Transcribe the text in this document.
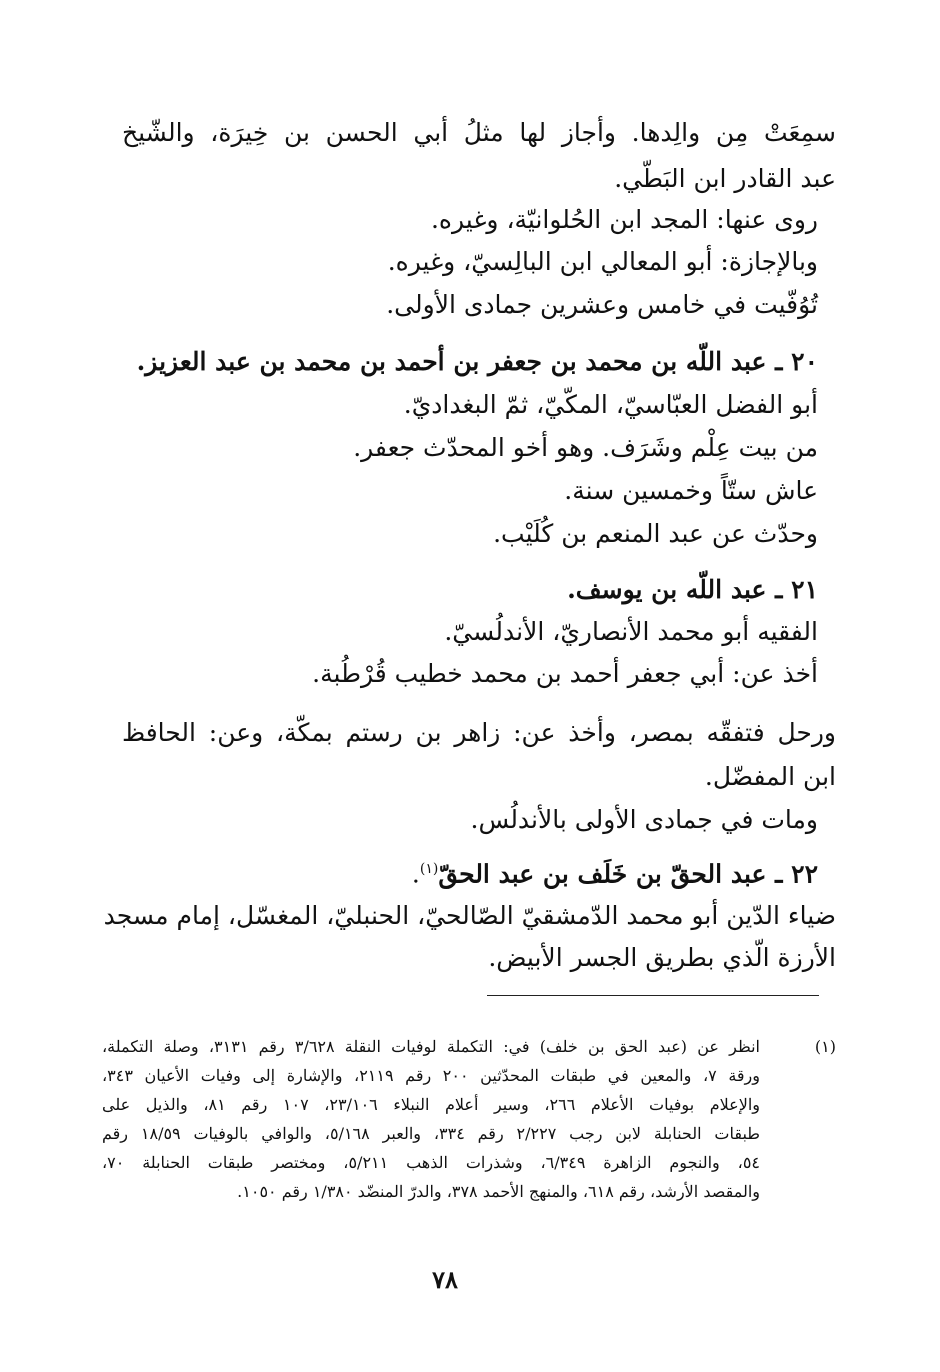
سمِعَتْ مِن والِدها. وأجاز لها مثلُ أبي الحسن بن خِيرَة، والشّيخ
عبد القادر ابن البَطّي.
روى عنها: المجد ابن الحُلوانيّة، وغيره.
وبالإجازة: أبو المعالي ابن البالِسيّ، وغيره.
تُوُفّيت في خامس وعشرين جمادى الأولى.
٢٠ ـ عبد اللّه بن محمد بن جعفر بن أحمد بن محمد بن عبد العزيز.
أبو الفضل العبّاسيّ، المكّيّ، ثمّ البغداديّ.
من بيت عِلْم وشَرَف. وهو أخو المحدّث جعفر.
عاش ستّاً وخمسين سنة.
وحدّث عن عبد المنعم بن كُلَيْب.
٢١ ـ عبد اللّه بن يوسف.
الفقيه أبو محمد الأنصاريّ، الأندلُسيّ.
أخذ عن: أبي جعفر أحمد بن محمد خطيب قُرْطُبة.
ورحل فتفقّه بمصر، وأخذ عن: زاهر بن رستم بمكّة، وعن: الحافظ
ابن المفضّل.
ومات في جمادى الأولى بالأندلُس.
٢٢ ـ عبد الحقّ بن خَلَف بن عبد الحقّ$^{(١)}$.
ضياء الدّين أبو محمد الدّمشقيّ الصّالحيّ، الحنبليّ، المغسّل، إمام مسجد
الأرزة الّذي بطريق الجسر الأبيض.
(١)
انظر عن (عبد الحق بن خلف) في: التكملة لوفيات النقلة ٣/٦٢٨ رقم ٣١٣١، وصلة التكملة،
ورقة ٧، والمعين في طبقات المحدّثين ٢٠٠ رقم ٢١١٩، والإشارة إلى وفيات الأعيان ٣٤٣،
والإعلام بوفيات الأعلام ٢٦٦، وسير أعلام النبلاء ٢٣/١٠٦، ١٠٧ رقم ٨١، والذيل على
طبقات الحنابلة لابن رجب ٢/٢٢٧ رقم ٣٣٤، والعبر ٥/١٦٨، والوافي بالوفيات ١٨/٥٩ رقم
٥٤، والنجوم الزاهرة ٦/٣٤٩، وشذرات الذهب ٥/٢١١، ومختصر طبقات الحنابلة ٧٠،
والمقصد الأرشد، رقم ٦١٨، والمنهج الأحمد ٣٧٨، والدرّ المنضّد ١/٣٨٠ رقم ١٠٥٠.
٧٨
